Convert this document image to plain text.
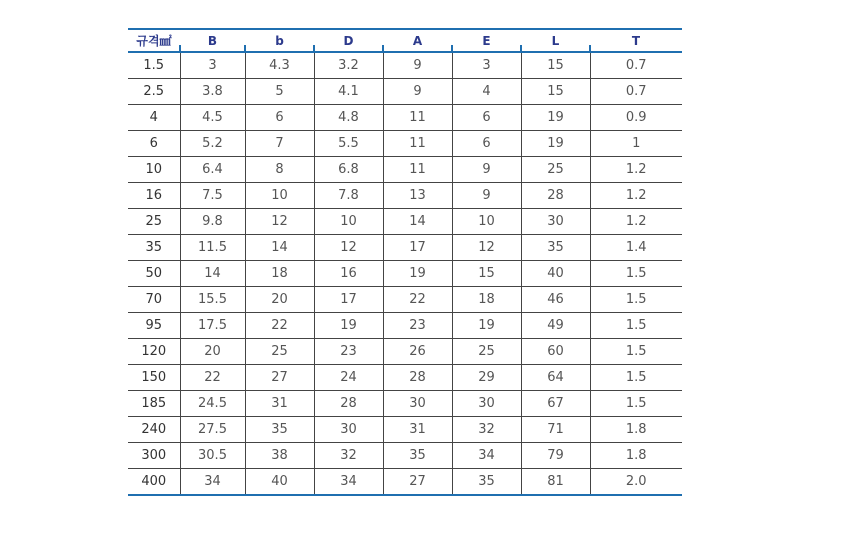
규격㎟	B	b	D	A	E	L	T
1.5	3	4.3	3.2	9	3	15	0.7
2.5	3.8	5	4.1	9	4	15	0.7
4	4.5	6	4.8	11	6	19	0.9
6	5.2	7	5.5	11	6	19	1
10	6.4	8	6.8	11	9	25	1.2
16	7.5	10	7.8	13	9	28	1.2
25	9.8	12	10	14	10	30	1.2
35	11.5	14	12	17	12	35	1.4
50	14	18	16	19	15	40	1.5
70	15.5	20	17	22	18	46	1.5
95	17.5	22	19	23	19	49	1.5
120	20	25	23	26	25	60	1.5
150	22	27	24	28	29	64	1.5
185	24.5	31	28	30	30	67	1.5
240	27.5	35	30	31	32	71	1.8
300	30.5	38	32	35	34	79	1.8
400	34	40	34	27	35	81	2.0
